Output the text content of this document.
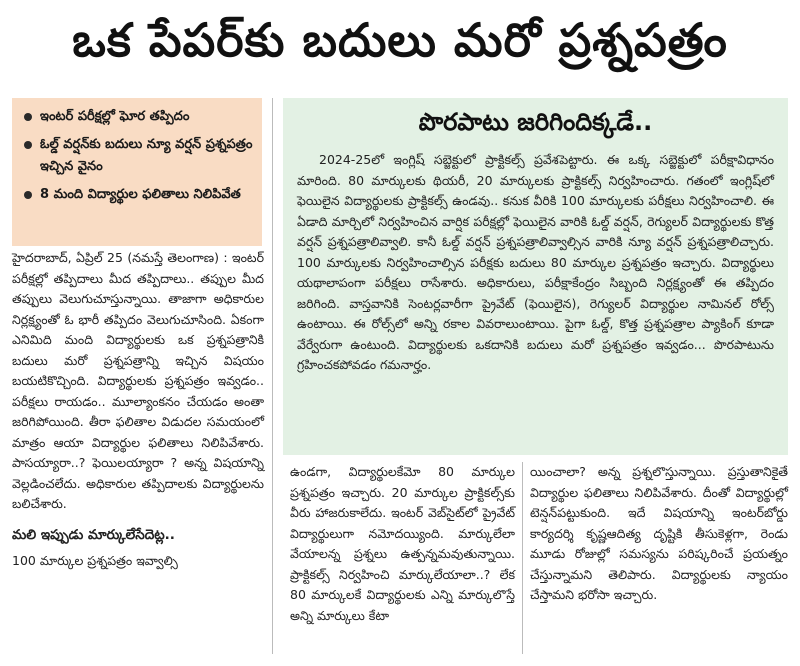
ఒక పేపర్‌కు బదులు మరో ప్రశ్నపత్రం
ఇంటర్ పరీక్షల్లో ఘోర తప్పిదం
ఓల్డ్ వర్షన్‌కు బదులు న్యూ వర్షన్ ప్రశ్నపత్రం ఇచ్చిన వైనం
8 మంది విద్యార్థుల ఫలితాలు నిలిపివేత

హైదరాబాద్, ఏప్రిల్ 25 (నమస్తే తెలంగాణ) : ఇంటర్ పరీక్షల్లో తప్పిదాలు మీద తప్పిదాలు.. తప్పుల మీద తప్పులు వెలుగుచూస్తున్నాయి. తాజాగా అధికారుల నిర్లక్ష్యంతో ఓ భారీ తప్పిదం వెలుగుచూసింది. ఏకంగా ఎనిమిది మంది విద్యార్థులకు ఒక ప్రశ్నపత్రానికి బదులు మరో ప్రశ్నపత్రాన్ని ఇచ్చిన విషయం బయటికొచ్చింది. విద్యార్థులకు ప్రశ్నపత్రం ఇవ్వడం.. పరీక్షలు రాయడం.. మూల్యాంకనం చేయడం అంతా జరిగిపోయింది. తీరా ఫలితాల విడుదల సమయంలో మాత్రం ఆయా విద్యార్థుల ఫలితాలు నిలిపివేశారు. పాస‌య్యారా..? ఫెయిలయ్యారా ? అన్న విషయాన్ని వెల్లడించలేదు. అధికారుల తప్పిదాలకు విద్యార్థులను బలిచేశారు.

మలి ఇప్పుడు మార్కులేసేదెట్ల..

100 మార్కుల ప్రశ్నపత్రం ఇవ్వాల్సి

పొరపాటు జరిగిందిక్కడే..
2024-25లో ఇంగ్లిష్ సబ్జెక్టులో ప్రాక్టికల్స్ ప్రవేశపెట్టారు. ఈ ఒక్క సబ్జెక్టులో పరీక్షావిధానం మారింది. 80 మార్కులకు థియరీ, 20 మార్కులకు ప్రాక్టికల్స్ నిర్వహించారు. గతంలో ఇంగ్లిష్‌లో ఫెయిలైన విద్యార్థులకు ప్రాక్టికల్స్ ఉండవు.. కనుక వీరికి 100 మార్కులకు పరీక్షలు నిర్వహించాలి. ఈ ఏడాది మార్చిలో నిర్వహించిన వార్షిక పరీక్షల్లో ఫెయిలైన వారికి ఓల్డ్ వర్షన్, రెగ్యులర్ విద్యార్థులకు కొత్త వర్షన్ ప్రశ్నపత్రాలివ్వాలి. కానీ ఓల్డ్ వర్షన్ ప్రశ్నపత్రాలివ్వాల్సిన వారికి న్యూ వర్షన్ ప్రశ్నపత్రాలిచ్చారు. 100 మార్కులకు నిర్వహించాల్సిన పరీక్షకు బదులు 80 మార్కుల ప్రశ్నపత్రం ఇచ్చారు. విద్యార్థులు యథాలాపంగా పరీక్షలు రాసేశారు. అధికారులు, పరీక్షాకేంద్రం సిబ్బంది నిర్లక్ష్యంతో ఈ తప్పిదం జరిగింది. వాస్తవానికి సెంటర్లవారీగా ప్రైవేట్ (ఫెయిలైన), రెగ్యులర్ విద్యార్థుల నామినల్ రోల్స్ ఉంటాయి. ఈ రోల్స్‌లో అన్ని రకాల వివరాలుంటాయి. పైగా ఓల్డ్, కొత్త ప్రశ్నపత్రాల ప్యాకింగ్ కూడా వేర్వేరుగా ఉంటుంది. విద్యార్థులకు ఒకదానికి బదులు మరో ప్రశ్నపత్రం ఇవ్వడం... పొరపాటును గ్రహించకపోవడం గమనార్హం.
ఉండగా, విద్యార్థులకేమో 80 మార్కుల ప్రశ్నపత్రం ఇచ్చారు. 20 మార్కుల ప్రాక్టికల్స్‌కు వీరు హాజరుకాలేదు. ఇంటర్ వెబ్‌సైట్‌లో ప్రైవేట్ విద్యార్థులుగా నమోదయ్యింది. మార్కులేలా వేయాలన్న ప్రశ్నలు ఉత్పన్నమవుతున్నాయి. ప్రాక్టికల్స్ నిర్వహించి మార్కులేయాలా..? లేక 80 మార్కులకే విద్యార్థులకు ఎన్ని మార్కులొస్తే అన్ని మార్కులు కేటా
యించాలా? అన్న ప్రశ్నలొస్తున్నాయి. ప్రస్తుతానికైతే విద్యార్థుల ఫలితాలు నిలిపివేశారు. దీంతో విద్యార్థుల్లో టెన్షన్‌పట్టుకుంది. ఇదే విషయాన్ని ఇంటర్‌బోర్డు కార్యదర్శి కృష్ణఆదిత్య దృష్టికి తీసుకెళ్లగా, రెండు మూడు రోజుల్లో సమస్యను పరిష్కరించే ప్రయత్నం చేస్తున్నామని తెలిపారు. విద్యార్థులకు న్యాయం చేస్తామని భరోసా ఇచ్చారు.
